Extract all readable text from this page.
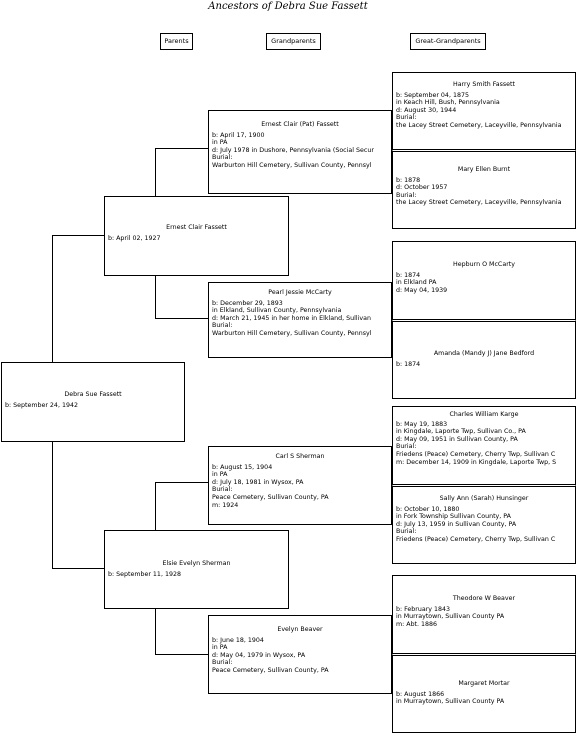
Ancestors of Debra Sue Fassett
Parents	Grandparents	Great-Grandparents
Debra Sue Fassett
b: September 24, 1942
Ernest Clair Fassett
b: April 02, 1927
Elsie Evelyn Sherman
b: September 11, 1928
Ernest Clair (Pat) Fassett
b: April 17, 1900
in PA
d: July 1978 in Dushore, Pennsylvania (Social Secur
Burial:
Warburton Hill Cemetery, Sullivan County, Pennsyl
Pearl Jessie McCarty
b: December 29, 1893
in Elkland, Sullivan County, Pennsylvania
d: March 21, 1945 in her home in Elkland, Sullivan
Burial:
Warburton Hill Cemetery, Sullivan County, Pennsyl
Carl S Sherman
b: August 15, 1904
in PA
d: July 18, 1981 in Wysox, PA
Burial:
Peace Cemetery, Sullivan County, PA
m: 1924
Evelyn Beaver
b: June 18, 1904
in PA
d: May 04, 1979 in Wysox, PA
Burial:
Peace Cemetery, Sullivan County, PA
Harry Smith Fassett
b: September 04, 1875
in Keach Hill, Bush, Pennsylvania
d: August 30, 1944
Burial:
the Lacey Street Cemetery, Laceyville, Pennsylvania
Mary Ellen Burnt
b: 1878
d: October 1957
Burial:
the Lacey Street Cemetery, Laceyville, Pennsylvania
Hepburn O McCarty
b: 1874
in Elkland PA
d: May 04, 1939
Amanda (Mandy J) Jane Bedford
b: 1874
Charles William Karge
b: May 19, 1883
in Kingdale, Laporte Twp, Sullivan Co., PA
d: May 09, 1951 in Sullivan County, PA
Burial:
Friedens (Peace) Cemetery, Cherry Twp, Sullivan C
m: December 14, 1909 in Kingdale, Laporte Twp, S
Sally Ann (Sarah) Hunsinger
b: October 10, 1880
in Fork Township Sullivan County, PA
d: July 13, 1959 in Sullivan County, PA
Burial:
Friedens (Peace) Cemetery, Cherry Twp, Sullivan C
Theodore W Beaver
b: February 1843
in Murraytown, Sullivan County PA
m: Abt. 1886
Margaret Mortar
b: August 1866
in Murraytown, Sullivan County PA
